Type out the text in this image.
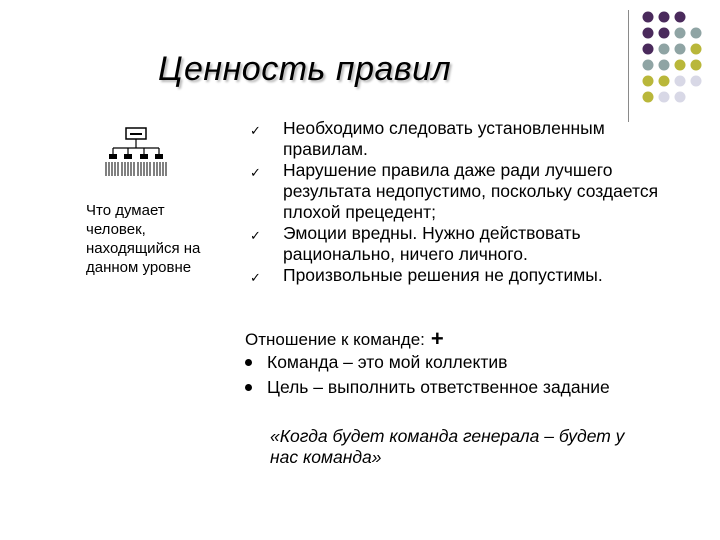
Ценность правил
Что думает человек, находящийся на данном уровне
✓ Необходимо следовать установленным правилам.
✓ Нарушение правила даже ради лучшего результата недопустимо, поскольку создается плохой прецедент;
✓ Эмоции вредны. Нужно действовать рационально, ничего личного.
✓ Произвольные решения не допустимы.
Отношение к команде: +
Команда – это мой коллектив
Цель – выполнить ответственное задание
«Когда будет команда генерала – будет у нас команда»
